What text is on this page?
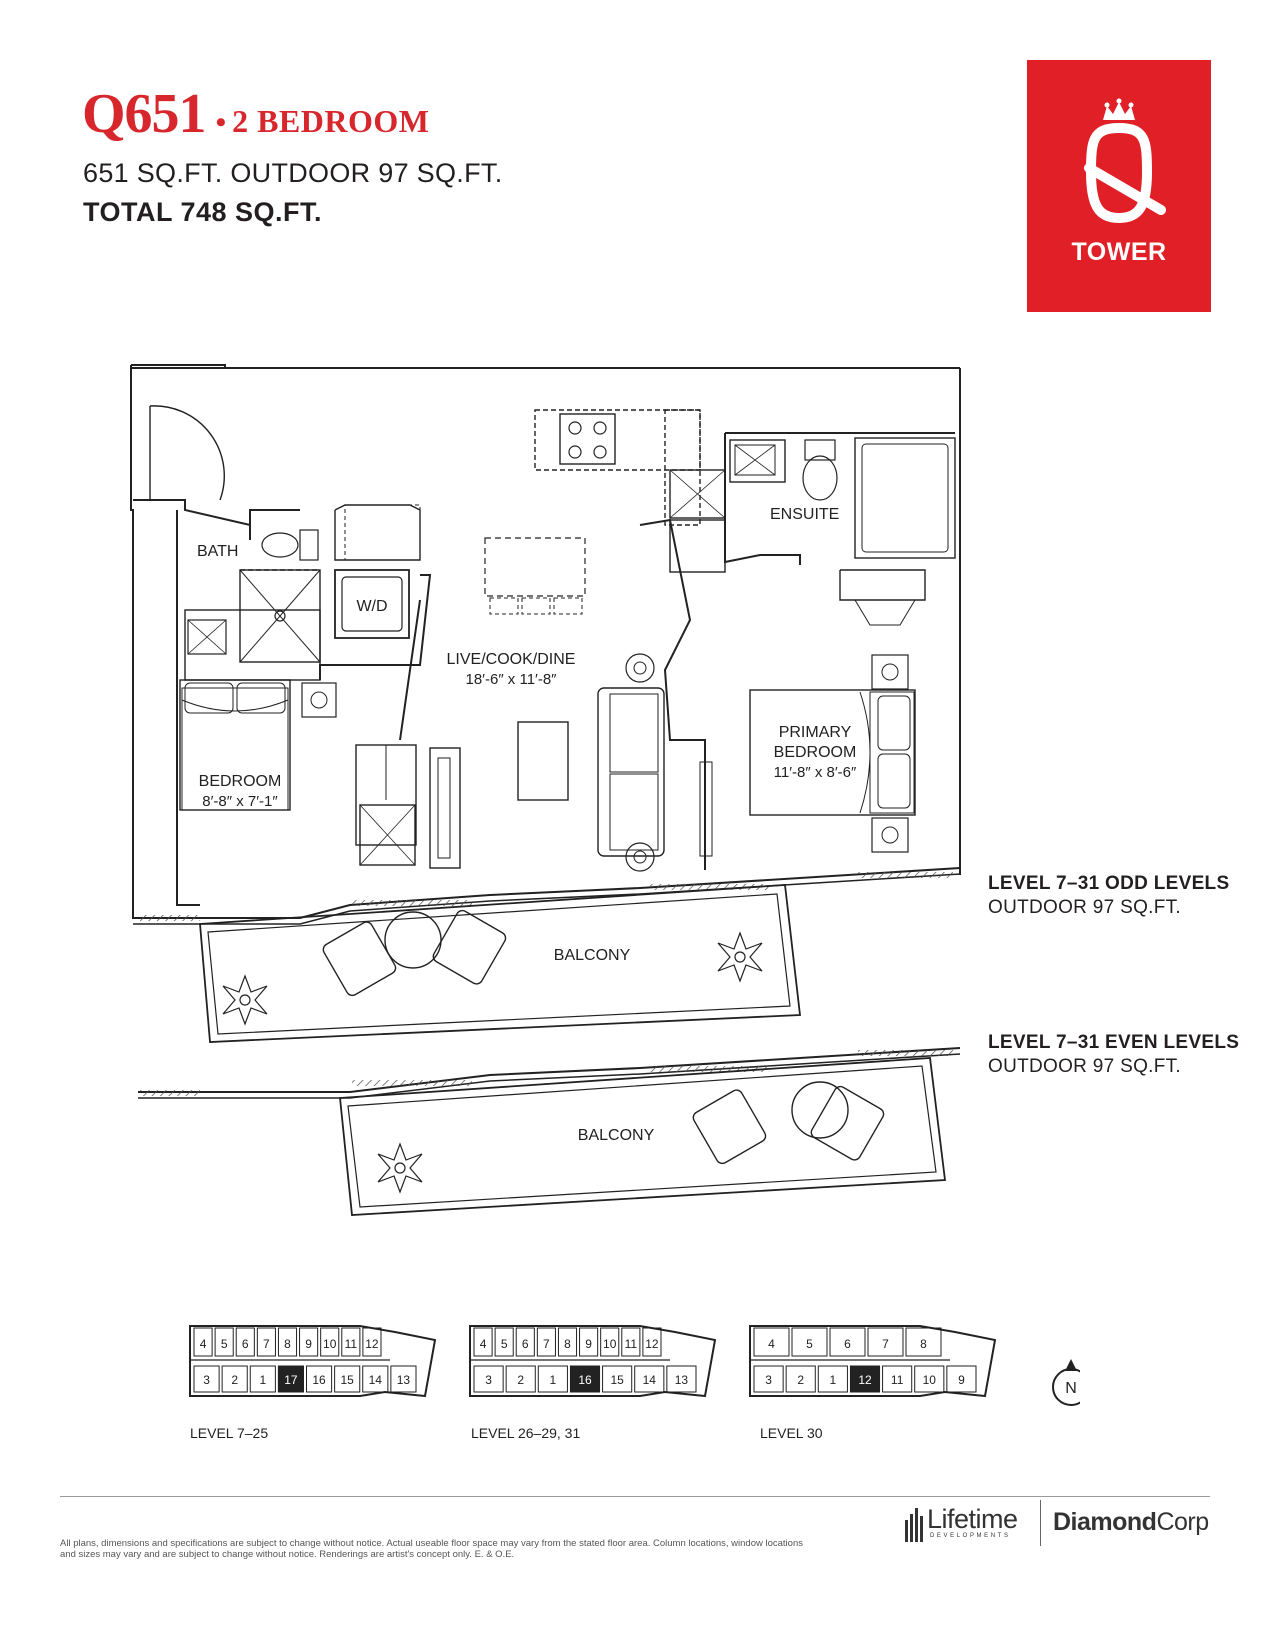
Q651 • 2 BEDROOM
651 SQ.FT. OUTDOOR 97 SQ.FT.
TOTAL 748 SQ.FT.
TOWER
BATH
ENSUITE
W/D
LIVE/COOK/DINE
18′-6″ x 11′-8″
BEDROOM
8′-8″ x 7′-1″
PRIMARY
BEDROOM
11′-8″ x 8′-6″
BALCONY
BALCONY
LEVEL 7–31 ODD LEVELS
OUTDOOR 97 SQ.FT.
LEVEL 7–31 EVEN LEVELS
OUTDOOR 97 SQ.FT.
4 5 6 7 8 9 10 11 12
3 2 1 17 16 15 14 13
4 5 6 7 8 9 10 11 12
3 2 1 16 15 14 13
4	5	6	7	8
3 2 1 12 11 10 9	N
LEVEL 7–25	LEVEL 26–29, 31	LEVEL 30
All plans, dimensions and specifications are subject to change without notice. Actual useable floor space may vary from the stated floor area. Column locations, window locations and sizes may vary and are subject to change without notice. Renderings are artist's concept only. E. & O.E.
Lifetime
DEVELOPMENTS DiamondCorp
